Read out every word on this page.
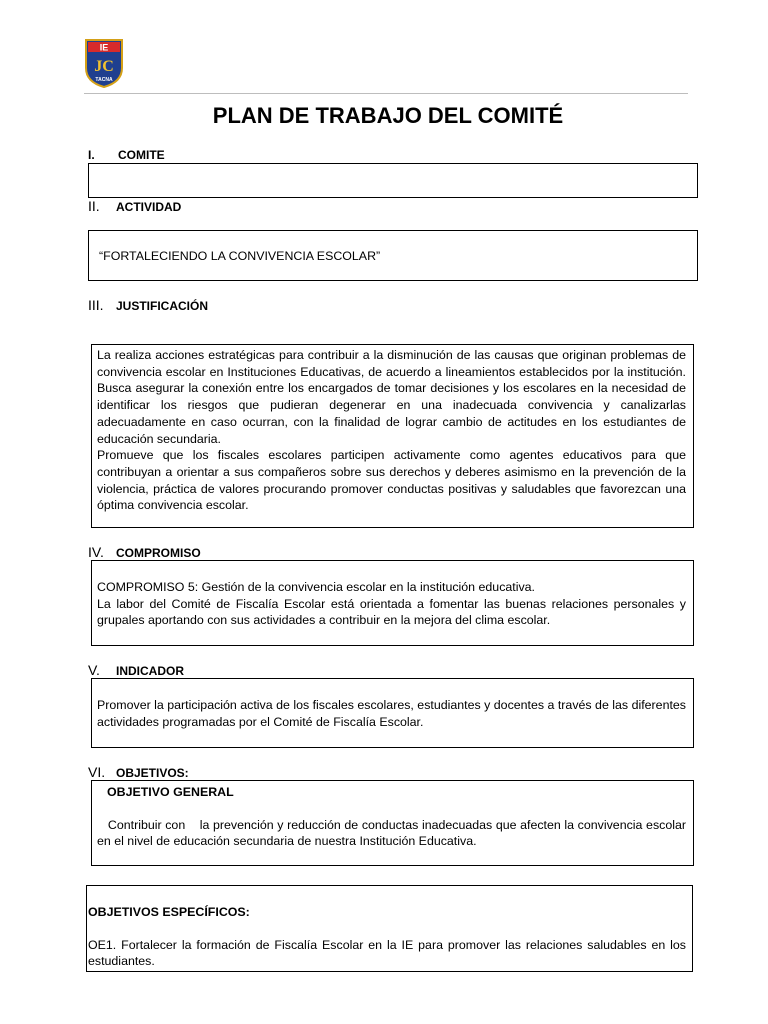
IE
JC
TACNA
PLAN DE TRABAJO DEL COMITÉ
I.	COMITE
II.	ACTIVIDAD
“FORTALECIENDO LA CONVIVENCIA ESCOLAR”
III.	JUSTIFICACIÓN

La realiza acciones estratégicas para contribuir a la disminución de las causas que originan problemas de convivencia escolar en Instituciones Educativas, de acuerdo a lineamientos establecidos por la institución. Busca asegurar la conexión entre los encargados de tomar decisiones y los escolares en la necesidad de identificar los riesgos que pudieran degenerar en una inadecuada convivencia y canalizarlas adecuadamente en caso ocurran, con la finalidad de lograr cambio de actitudes en los estudiantes de educación secundaria.

Promueve que los fiscales escolares participen activamente como agentes educativos para que contribuyan a orientar a sus compañeros sobre sus derechos y deberes asimismo en la prevención de la violencia, práctica de valores procurando promover conductas positivas y saludables que favorezcan una óptima convivencia escolar.

IV.	COMPROMISO

COMPROMISO 5: Gestión de la convivencia escolar en la institución educativa.

La labor del Comité de Fiscalía Escolar está orientada a fomentar las buenas relaciones personales y grupales aportando con sus actividades a contribuir en la mejora del clima escolar.

V.	INDICADOR

Promover la participación activa de los fiscales escolares, estudiantes y docentes a través de las diferentes actividades programadas por el Comité de Fiscalía Escolar.

VI. OBJETIVOS:

OBJETIVO GENERAL

Contribuir con    la prevención y reducción de conductas inadecuadas que afecten la convivencia escolar en el nivel de educación secundaria de nuestra Institución Educativa.

OBJETIVOS ESPECÍFICOS:

OE1. Fortalecer la formación de Fiscalía Escolar en la IE para promover las relaciones saludables en los estudiantes.
